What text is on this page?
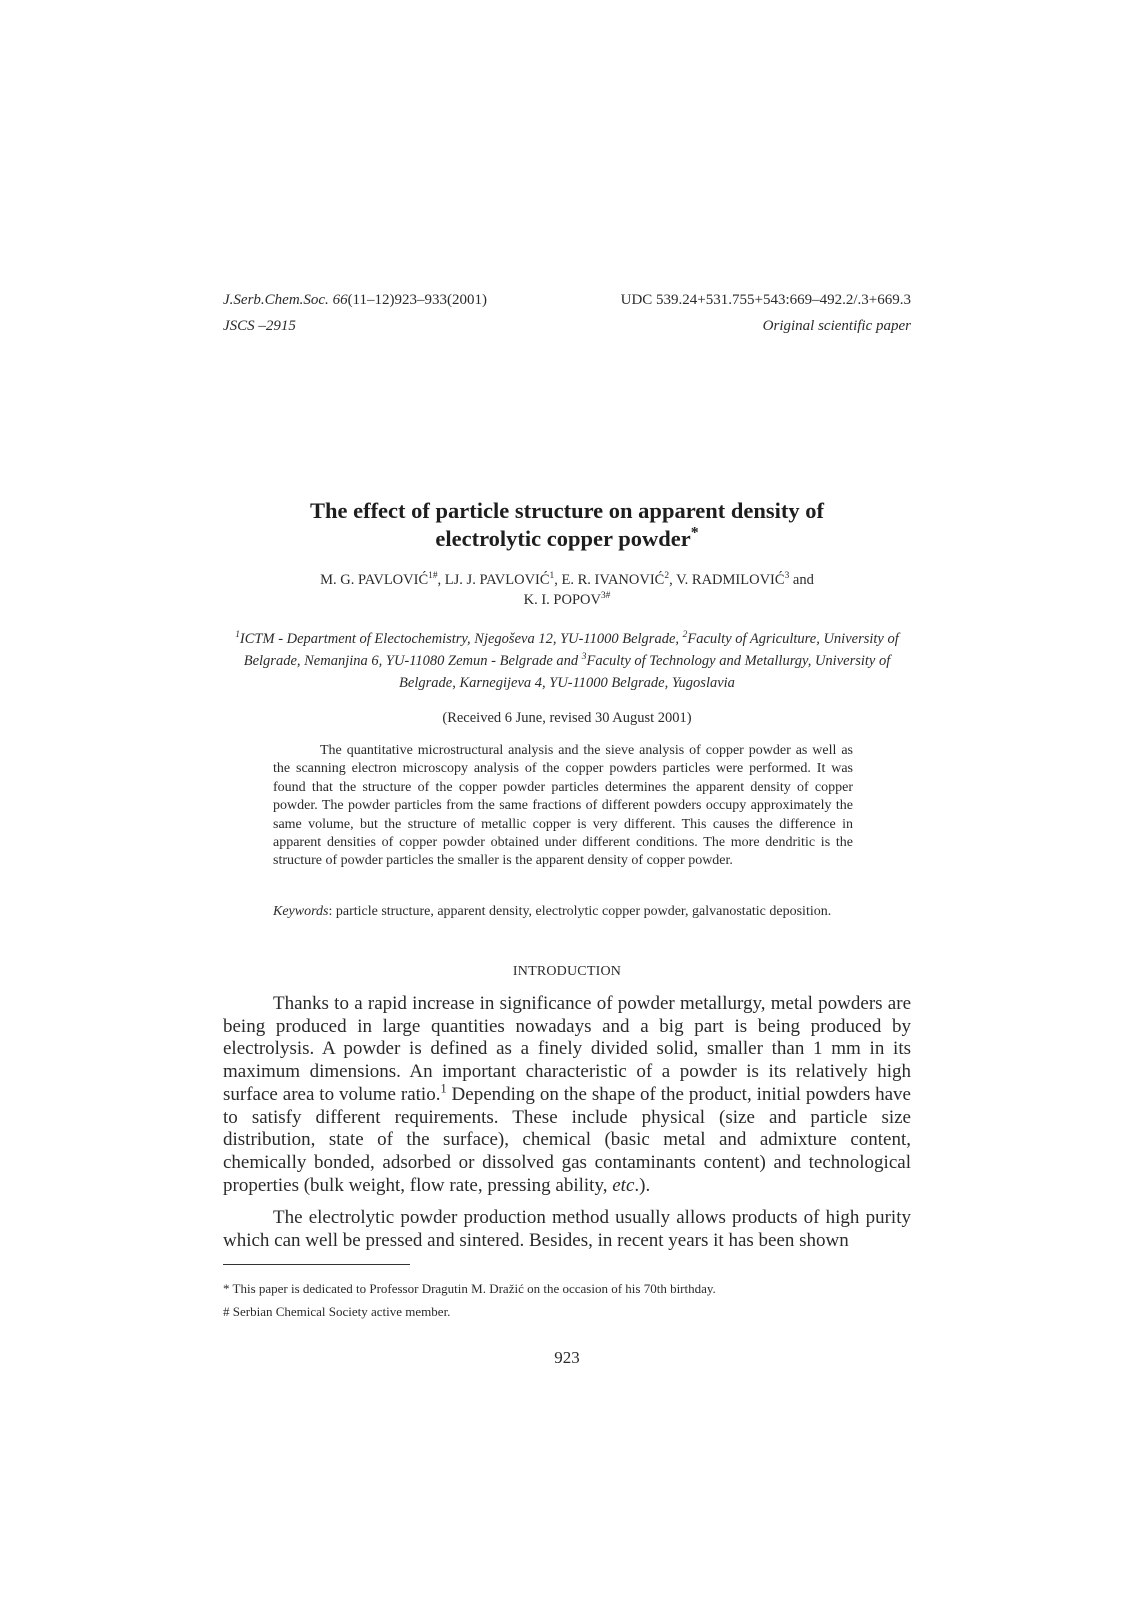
J.Serb.Chem.Soc. 66(11–12)923–933(2001)	UDC 539.24+531.755+543:669–492.2/.3+669.3
JSCS –2915	Original scientific paper
The effect of particle structure on apparent density of
electrolytic copper powder*
M. G. $PAVLOVIĆ^{1\#}$, LJ. J. PAVLOVIĆ$^1$, E. R. IVANOVIĆ$^2$, V. RADMILOVIĆ$^3$ and
K. I. $POPOV^{3\#}$
$^1$ICTM - Department of Electochemistry, Njegoševa 12, YU-11000 Belgrade, $^2$Faculty of Agriculture, University of Belgrade, Nemanjina 6, YU-11080 Zemun - Belgrade and $^3$Faculty of Technology and Metallurgy, University of Belgrade, Karnegijeva 4, YU-11000 Belgrade, Yugoslavia
(Received 6 June, revised 30 August 2001)

The quantitative microstructural analysis and the sieve analysis of copper powder as well as the scanning electron microscopy analysis of the copper powders particles were performed. It was found that the structure of the copper powder particles determines the apparent density of copper powder. The powder particles from the same fractions of different powders occupy approximately the same volume, but the structure of metallic copper is very different. This causes the difference in apparent densities of copper powder obtained under different conditions. The more dendritic is the structure of powder particles the smaller is the apparent density of copper powder.

Keywords: particle structure, apparent density, electrolytic copper powder, galvanostatic deposition.

INTRODUCTION

Thanks to a rapid increase in significance of powder metallurgy, metal powders are being produced in large quantities nowadays and a big part is being produced by electrolysis. A powder is defined as a finely divided solid, smaller than 1 mm in its maximum dimensions. An important characteristic of a powder is its relatively high surface area to volume ratio.$^1$ Depending on the shape of the product, initial powders have to satisfy different requirements. These include physical (size and particle size distribution, state of the surface), chemical (basic metal and admixture content, chemically bonded, adsorbed or dissolved gas contaminants content) and technological properties (bulk weight, flow rate, pressing ability, etc.).

The electrolytic powder production method usually allows products of high purity which can well be pressed and sintered. Besides, in recent years it has been shown

* This paper is dedicated to Professor Dragutin M. Dražić on the occasion of his 70th birthday.
# Serbian Chemical Society active member.
923
